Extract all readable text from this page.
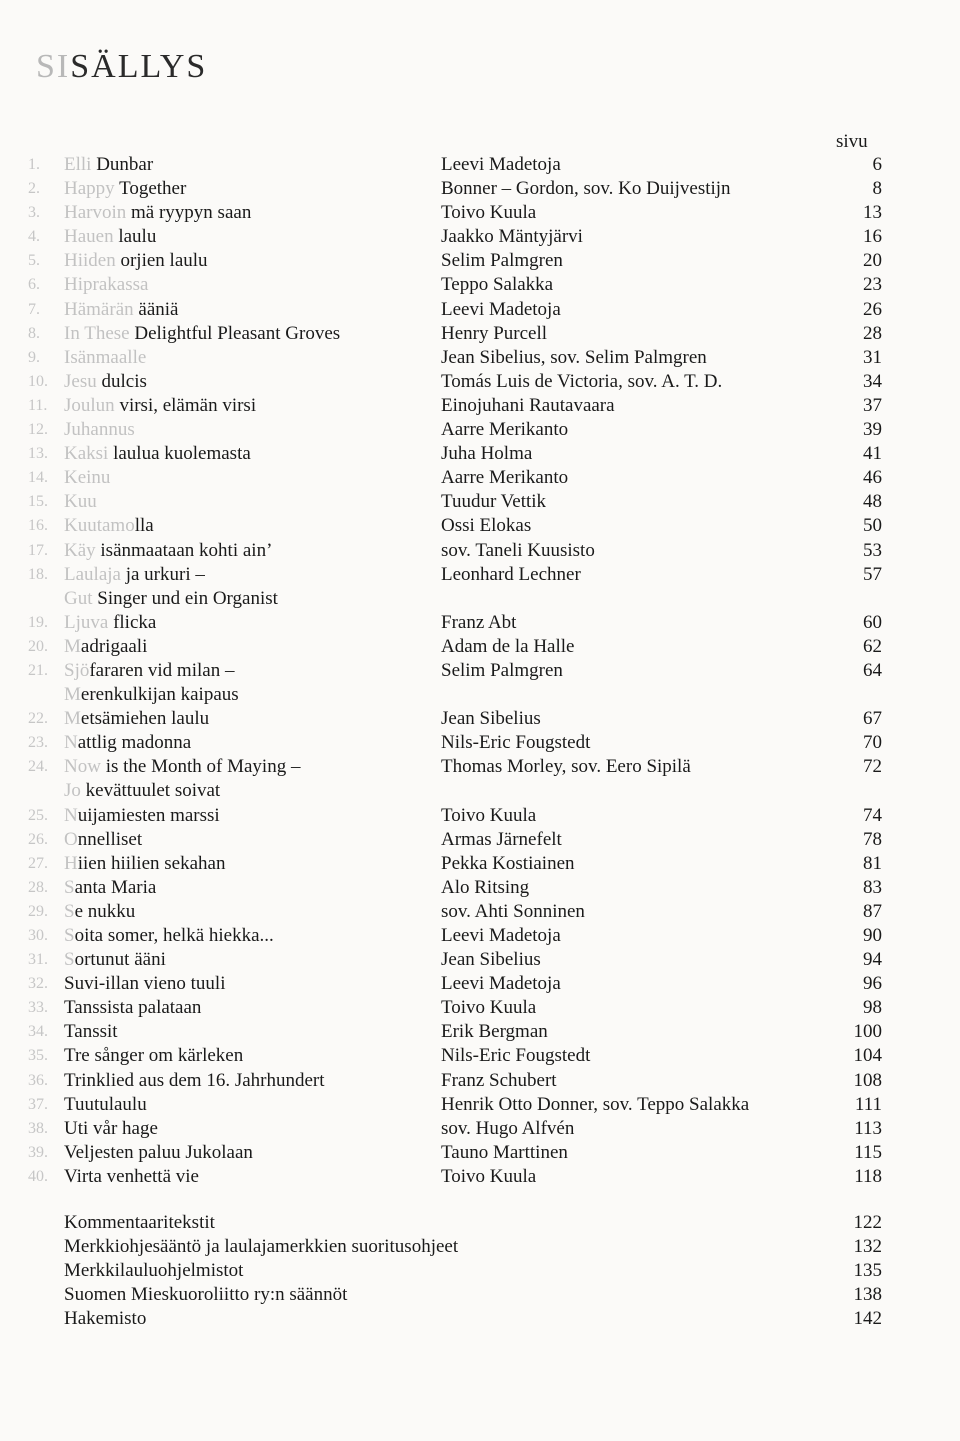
SISÄLLYS
sivu
1.	Elli Dunbar	Leevi Madetoja	6
2.	Happy Together	Bonner – Gordon, sov. Ko Duijvestijn	8
3.	Harvoin mä ryypyn saan	Toivo Kuula	13
4.	Hauen laulu	Jaakko Mäntyjärvi	16
5.	Hiiden orjien laulu	Selim Palmgren	20
6.	Hiprakassa	Teppo Salakka	23
7.	Hämärän ääniä	Leevi Madetoja	26
8.	In These Delightful Pleasant Groves	Henry Purcell	28
9.	Isänmaalle	Jean Sibelius, sov. Selim Palmgren	31
10. Jesu dulcis	Tomás Luis de Victoria, sov. A. T. D.	34
11. Joulun virsi, elämän virsi	Einojuhani Rautavaara	37
12. Juhannus	Aarre Merikanto	39
13. Kaksi laulua kuolemasta	Juha Holma	41
14. Keinu	Aarre Merikanto	46
15. Kuu	Tuudur Vettik	48
16. Kuutamolla	Ossi Elokas	50
17. Käy isänmaataan kohti ain’	sov. Taneli Kuusisto	53
18. Laulaja ja urkuri –	Leonhard Lechner	57
Gut Singer und ein Organist
19. Ljuva flicka	Franz Abt	60
20. Madrigaali	Adam de la Halle	62
21. Sjöfararen vid milan –	Selim Palmgren	64
Merenkulkijan kaipaus
22. Metsämiehen laulu	Jean Sibelius	67
23. Nattlig madonna	Nils-Eric Fougstedt	70
24. Now is the Month of Maying –	Thomas Morley, sov. Eero Sipilä	72
Jo kevättuulet soivat
25. Nuijamiesten marssi	Toivo Kuula	74
26. Onnelliset	Armas Järnefelt	78
27. Hiien hiilien sekahan	Pekka Kostiainen	81
28. Santa Maria	Alo Ritsing	83
29. Se nukku	sov. Ahti Sonninen	87
30. Soita somer, helkä hiekka...	Leevi Madetoja	90
31. Sortunut ääni	Jean Sibelius	94
32. Suvi-illan vieno tuuli	Leevi Madetoja	96
33. Tanssista palataan	Toivo Kuula	98
34. Tanssit	Erik Bergman	100
35. Tre sånger om kärleken	Nils-Eric Fougstedt	104
36. Trinklied aus dem 16. Jahrhundert	Franz Schubert	108
37. Tuutulaulu	Henrik Otto Donner, sov. Teppo Salakka	111
38. Uti vår hage	sov. Hugo Alfvén	113
39. Veljesten paluu Jukolaan	Tauno Marttinen	115
40. Virta venhettä vie	Toivo Kuula	118
Kommentaaritekstit	122
Merkkiohjesääntö ja laulajamerkkien suoritusohjeet	132
Merkkilauluohjelmistot	135
Suomen Mieskuoroliitto ry:n säännöt	138
Hakemisto	142
